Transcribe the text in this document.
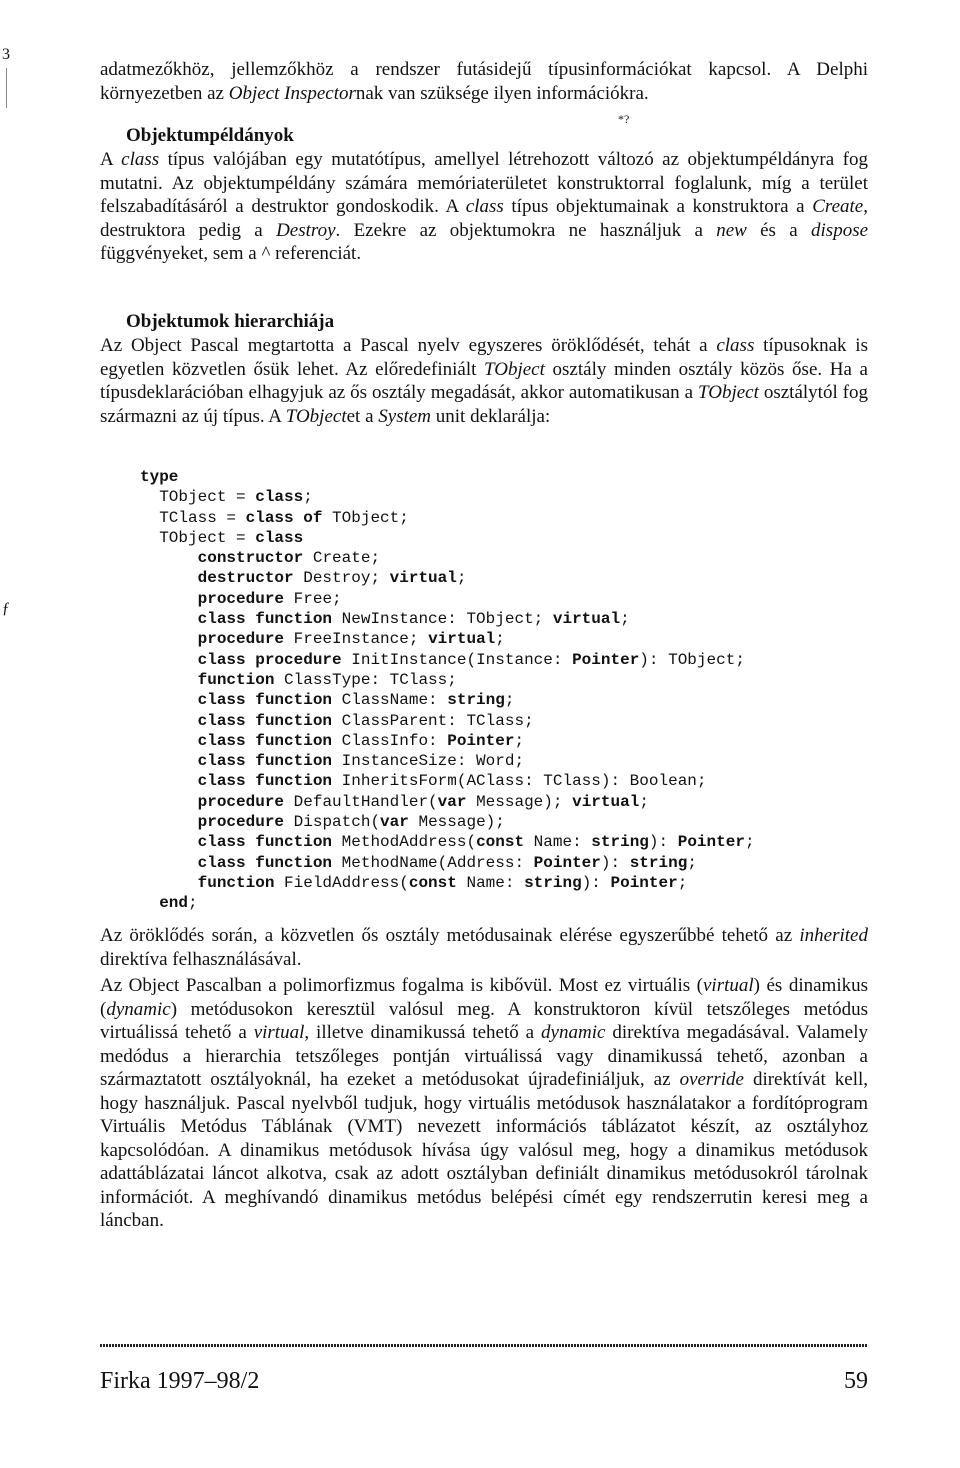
3
ƒ
*?

adatmezőkhöz, jellemzőkhöz a rendszer futásidejű típusinformációkat kapcsol. A Delphi környezetben az Object Inspectornak van szüksége ilyen információkra.

Objektumpéldányok

A class típus valójában egy mutatótípus, amellyel létrehozott változó az objektumpéldányra fog mutatni. Az objektumpéldány számára memóriaterületet konstruktorral foglalunk, míg a terület felszabadításáról a destruktor gondoskodik. A class típus objektumainak a konstruktora a Create, destruktora pedig a Destroy. Ezekre az objektumokra ne használjuk a new és a dispose függvényeket, sem a ^ referenciát.

Objektumok hierarchiája

Az Object Pascal megtartotta a Pascal nyelv egyszeres öröklődését, tehát a class típusoknak is egyetlen közvetlen ősük lehet. Az előredefiniált TObject osztály minden osztály közös őse. Ha a típusdeklarációban elhagyjuk az ős osztály megadását, akkor automatikusan a TObject osztálytól fog származni az új típus. A TObjectet a System unit deklarálja:

type
TObject = class;
TClass = class of TObject;
TObject = class
constructor Create;
destructor Destroy; virtual;
procedure Free;
class function NewInstance: TObject; virtual;
procedure FreeInstance; virtual;
class procedure InitInstance(Instance: Pointer): TObject;
function ClassType: TClass;
class function ClassName: string;
class function ClassParent: TClass;
class function ClassInfo: Pointer;
class function InstanceSize: Word;
class function InheritsForm(AClass: TClass): Boolean;
procedure DefaultHandler(var Message); virtual;
procedure Dispatch(var Message);
class function MethodAddress(const Name: string): Pointer;
class function MethodName(Address: Pointer): string;
function FieldAddress(const Name: string): Pointer;
end;

Az öröklődés során, a közvetlen ős osztály metódusainak elérése egyszerűbbé tehető az inherited direktíva felhasználásával.

Az Object Pascalban a polimorfizmus fogalma is kibővül. Most ez virtuális (virtual) és dinamikus (dynamic) metódusokon keresztül valósul meg. A konstruktoron kívül tetszőleges metódus virtuálissá tehető a virtual, illetve dinamikussá tehető a dynamic direktíva megadásával. Valamely medódus a hierarchia tetszőleges pontján virtuálissá vagy dinamikussá tehető, azonban a származtatott osztályoknál, ha ezeket a metódusokat újradefiniáljuk, az override direktívát kell, hogy használjuk. Pascal nyelvből tudjuk, hogy virtuális metódusok használatakor a fordítóprogram Virtuális Metódus Táblának (VMT) nevezett információs táblázatot készít, az osztályhoz kapcsolódóan. A dinamikus metódusok hívása úgy valósul meg, hogy a dinamikus metódusok adattáblázatai láncot alkotva, csak az adott osztályban definiált dinamikus metódusokról tárolnak információt. A meghívandó dinamikus metódus belépési címét egy rendszerrutin keresi meg a láncban.

Firka 1997–98/2	59
